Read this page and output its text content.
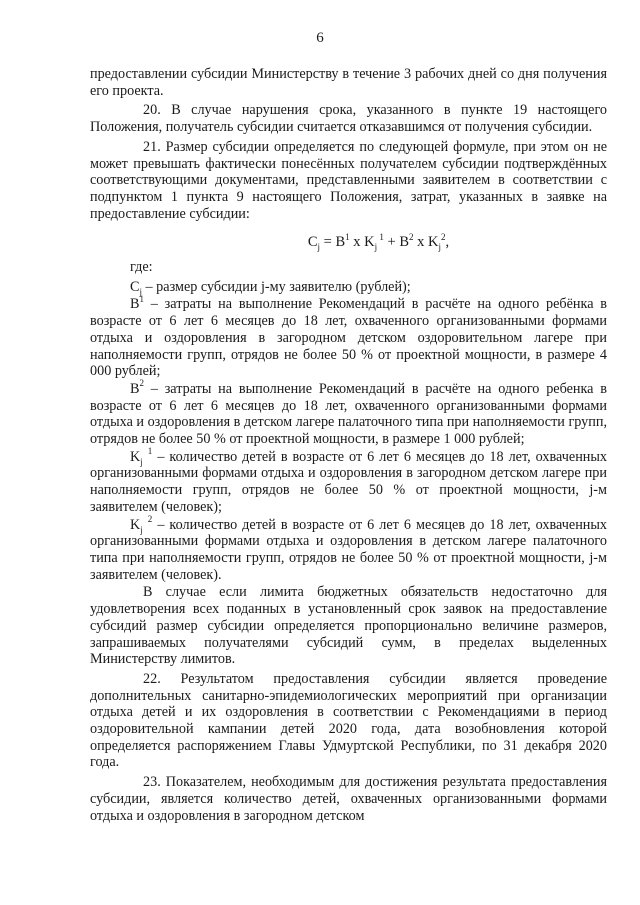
6

предоставлении субсидии Министерству в течение 3 рабочих дней со дня получения его проекта.

20. В случае нарушения срока, указанного в пункте 19 настоящего Положения, получатель субсидии считается отказавшимся от получения субсидии.

21. Размер субсидии определяется по следующей формуле, при этом он не может превышать фактически понесённых получателем субсидии подтверждённых соответствующими документами, представленными заявителем в соответствии с подпунктом 1 пункта 9 настоящего Положения, затрат, указанных в заявке на предоставление субсидии:

$C_j = B^1$ x $K_j$ $^1 + B^2$ x $K_j^2$,

где:

$C_j$ – размер субсидии j-му заявителю (рублей);

$B^1$ – затраты на выполнение Рекомендаций в расчёте на одного ребёнка в возрасте от 6 лет 6 месяцев до 18 лет, охваченного организованными формами отдыха и оздоровления в загородном детском оздоровительном лагере при наполняемости групп, отрядов не более 50 % от проектной мощности, в размере 4 000 рублей;

$B^2$ – затраты на выполнение Рекомендаций в расчёте на одного ребенка в возрасте от 6 лет 6 месяцев до 18 лет, охваченного организованными формами отдыха и оздоровления в детском лагере палаточного типа при наполняемости групп, отрядов не более 50 % от проектной мощности, в размере 1 000 рублей;

$K_j$ $^1$ – количество детей в возрасте от 6 лет 6 месяцев до 18 лет, охваченных организованными формами отдыха и оздоровления в загородном детском лагере при наполняемости групп, отрядов не более 50 % от проектной мощности, j-м заявителем (человек);

$K_j$ $^2$ – количество детей в возрасте от 6 лет 6 месяцев до 18 лет, охваченных организованными формами отдыха и оздоровления в детском лагере палаточного типа при наполняемости групп, отрядов не более 50 % от проектной мощности, j-м заявителем (человек).

В случае если лимита бюджетных обязательств недостаточно для удовлетворения всех поданных в установленный срок заявок на предоставление субсидий размер субсидии определяется пропорционально величине размеров, запрашиваемых получателями субсидий сумм, в пределах выделенных Министерству лимитов.

22. Результатом предоставления субсидии является проведение дополнительных санитарно-эпидемиологических мероприятий при организации отдыха детей и их оздоровления в соответствии с Рекомендациями в период оздоровительной кампании детей 2020 года, дата возобновления которой определяется распоряжением Главы Удмуртской Республики, по 31 декабря 2020 года.

23. Показателем, необходимым для достижения результата предоставления субсидии, является количество детей, охваченных организованными формами отдыха и оздоровления в загородном детском
